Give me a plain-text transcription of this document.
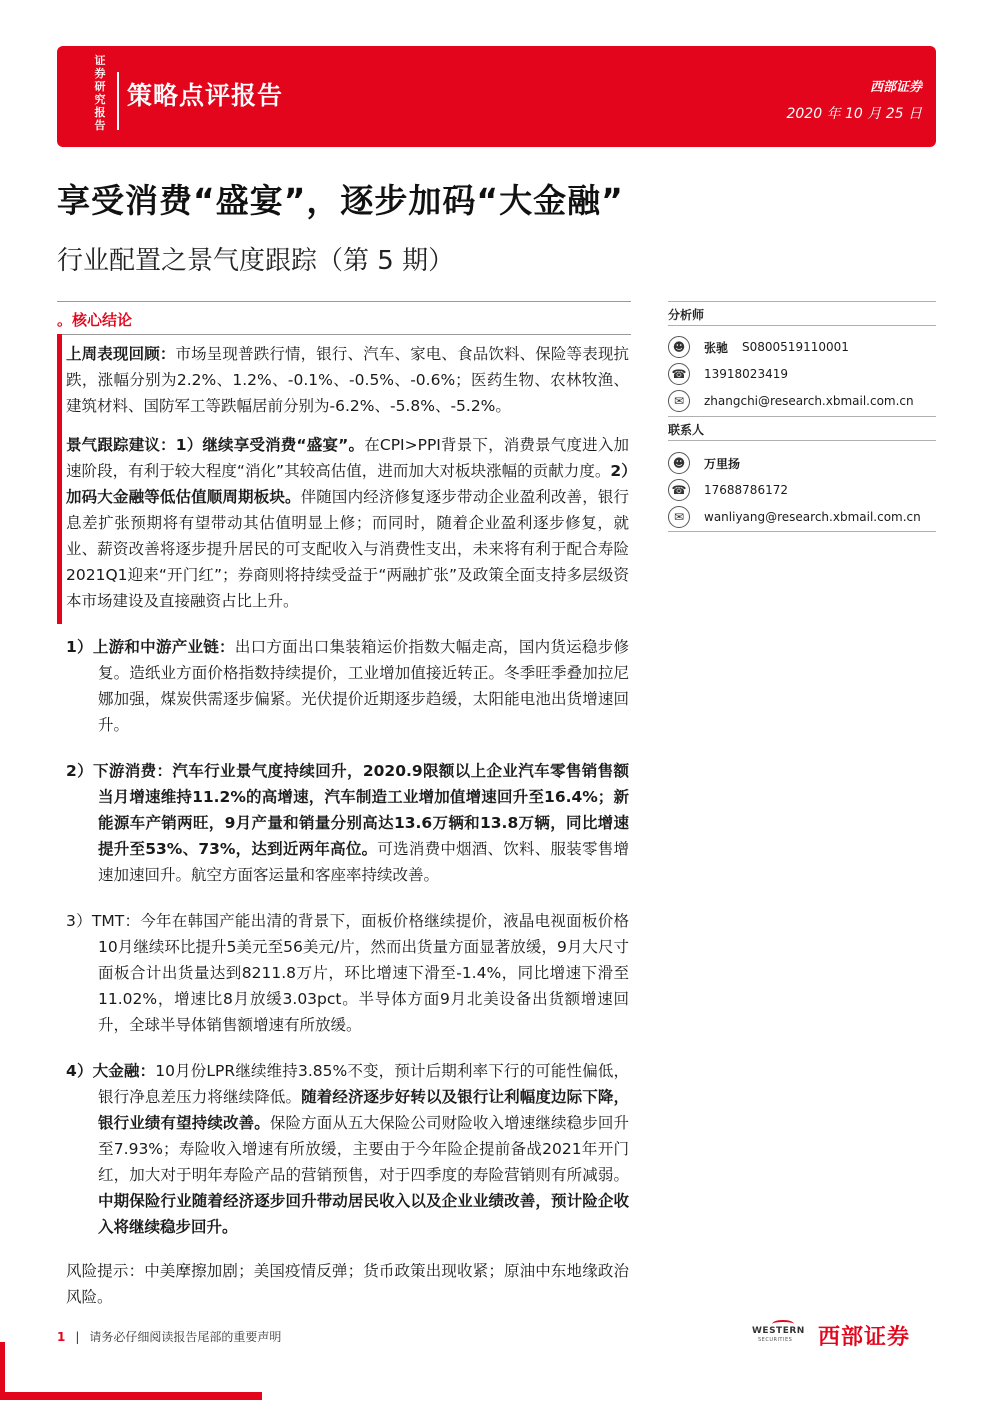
证券研究报告
策略点评报告	西部证券
2020 年 10 月 25 日
享受消费“盛宴”，逐步加码“大金融”
行业配置之景气度跟踪（第 5 期）
。核心结论

上周表现回顾：市场呈现普跌行情，银行、汽车、家电、食品饮料、保险等表现抗跌，涨幅分别为2.2%、1.2%、-0.1%、-0.5%、-0.6%；医药生物、农林牧渔、建筑材料、国防军工等跌幅居前分别为-6.2%、-5.8%、-5.2%。

景气跟踪建议：1）继续享受消费“盛宴”。在CPI>PPI背景下，消费景气度进入加速阶段，有利于较大程度“消化”其较高估值，进而加大对板块涨幅的贡献力度。2）加码大金融等低估值顺周期板块。伴随国内经济修复逐步带动企业盈利改善，银行息差扩张预期将有望带动其估值明显上修；而同时，随着企业盈利逐步修复，就业、薪资改善将逐步提升居民的可支配收入与消费性支出，未来将有利于配合寿险2021Q1迎来“开门红”；券商则将持续受益于“两融扩张”及政策全面支持多层级资本市场建设及直接融资占比上升。

1）上游和中游产业链：出口方面出口集装箱运价指数大幅走高，国内货运稳步修复。造纸业方面价格指数持续提价，工业增加值接近转正。冬季旺季叠加拉尼娜加强，煤炭供需逐步偏紧。光伏提价近期逐步趋缓，太阳能电池出货增速回升。

2）下游消费：汽车行业景气度持续回升，2020.9限额以上企业汽车零售销售额当月增速维持11.2%的高增速，汽车制造工业增加值增速回升至16.4%；新能源车产销两旺，9月产量和销量分别高达13.6万辆和13.8万辆，同比增速提升至53%、73%，达到近两年高位。可选消费中烟酒、饮料、服装零售增速加速回升。航空方面客运量和客座率持续改善。

3）TMT：今年在韩国产能出清的背景下，面板价格继续提价，液晶电视面板价格10月继续环比提升5美元至56美元/片，然而出货量方面显著放缓，9月大尺寸面板合计出货量达到8211.8万片，环比增速下滑至-1.4%，同比增速下滑至11.02%，增速比8月放缓3.03pct。半导体方面9月北美设备出货额增速回升，全球半导体销售额增速有所放缓。

4）大金融：10月份LPR继续维持3.85%不变，预计后期利率下行的可能性偏低，银行净息差压力将继续降低。随着经济逐步好转以及银行让利幅度边际下降，银行业绩有望持续改善。保险方面从五大保险公司财险收入增速继续稳步回升至7.93%；寿险收入增速有所放缓，主要由于今年险企提前备战2021年开门红，加大对于明年寿险产品的营销预售，对于四季度的寿险营销则有所减弱。中期保险行业随着经济逐步回升带动居民收入以及企业业绩改善，预计险企收入将继续稳步回升。

风险提示：中美摩擦加剧；美国疫情反弹；货币政策出现收紧；原油中东地缘政治风险。

分析师
☻	张驰 S0800519110001
☎ 13918023419
✉	zhangchi@research.xbmail.com.cn
联系人
☻	万里扬
☎ 17688786172
✉	wanliyang@research.xbmail.com.cn
1 | 请务必仔细阅读报告尾部的重要声明	WESTERN
SECURITIES 西部证券
